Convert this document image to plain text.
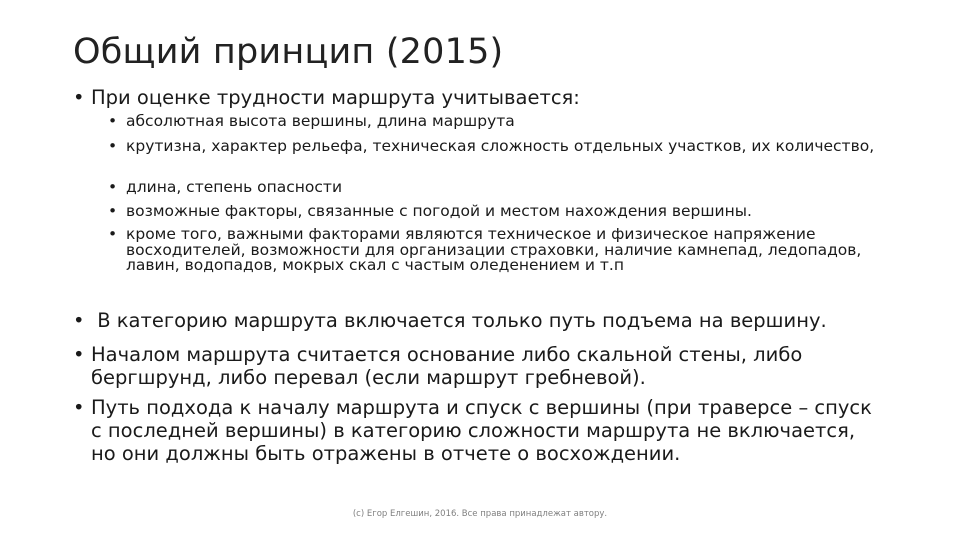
Общий принцип (2015)
• При оценке трудности маршрута учитывается:
• абсолютная высота вершины, длина маршрута
• крутизна, характер рельефа, техническая сложность отдельных участков, их количество,
• длина, степень опасности
• возможные факторы, связанные с погодой и местом нахождения вершины.
• кроме того, важными факторами являются техническое и физическое напряжение восходителей, возможности для организации страховки, наличие камнепад, ледопадов, лавин, водопадов, мокрых скал с частым оледенением и т.п
• В категорию маршрута включается только путь подъема на вершину.
• Началом маршрута считается основание либо скальной стены, либо бергшрунд, либо перевал (если маршрут гребневой).
• Путь подхода к началу маршрута и спуск с вершины (при траверсе – спуск с последней вершины) в категорию сложности маршрута не включается, но они должны быть отражены в отчете о восхождении.
(с) Егор Елгешин, 2016. Все права принадлежат автору.
